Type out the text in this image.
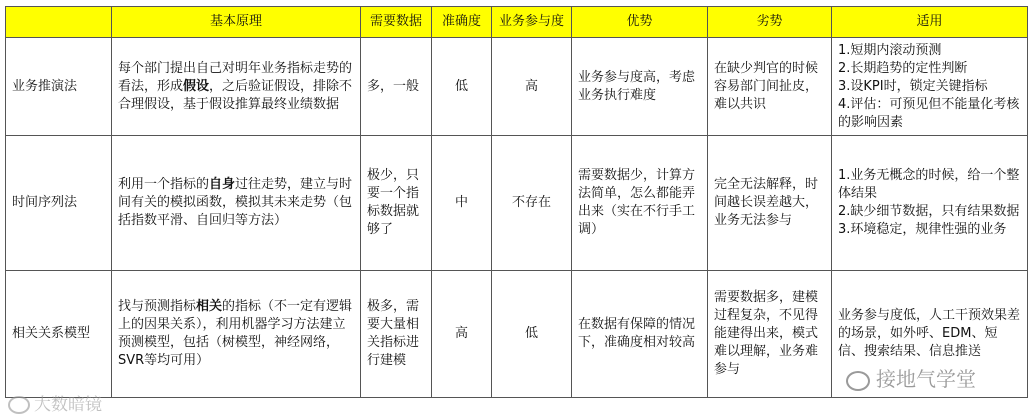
	基本原理	需要数据	准确度	业务参与度	优势	劣势	适用
业务推演法	每个部门提出自己对明年业务指标走势的看法，形成假设，之后验证假设，排除不合理假设，基于假设推算最终业绩数据	多，一般	低	高	业务参与度高，考虑业务执行难度	在缺少判官的时候容易部门间扯皮，难以共识	1.短期内滚动预测
2.长期趋势的定性判断
3.设KPI时，锁定关键指标
4.评估：可预见但不能量化考核的影响因素

时间序列法	利用一个指标的自身过往走势，建立与时间有关的模拟函数，模拟其未来走势（包括指数平滑、自回归等方法）	极少，只要一个指标数据就够了	中	不存在	需要数据少，计算方法简单，怎么都能弄出来（实在不行手工调）	完全无法解释，时间越长误差越大，业务无法参与	1.业务无概念的时候，给一个整体结果
2.缺少细节数据，只有结果数据
3.环境稳定，规律性强的业务

相关关系模型	找与预测指标相关的指标（不一定有逻辑上的因果关系），利用机器学习方法建立预测模型，包括（树模型，神经网络，SVR等均可用）	极多，需要大量相关指标进行建模	高	低	在数据有保障的情况下，准确度相对较高	需要数据多，建模过程复杂，不见得能建得出来，模式难以理解，业务难参与	业务参与度低，人工干预效果差的场景，如外呼、EDM、短信、搜索结果、信息推送
大数暗镜
接地气学堂
